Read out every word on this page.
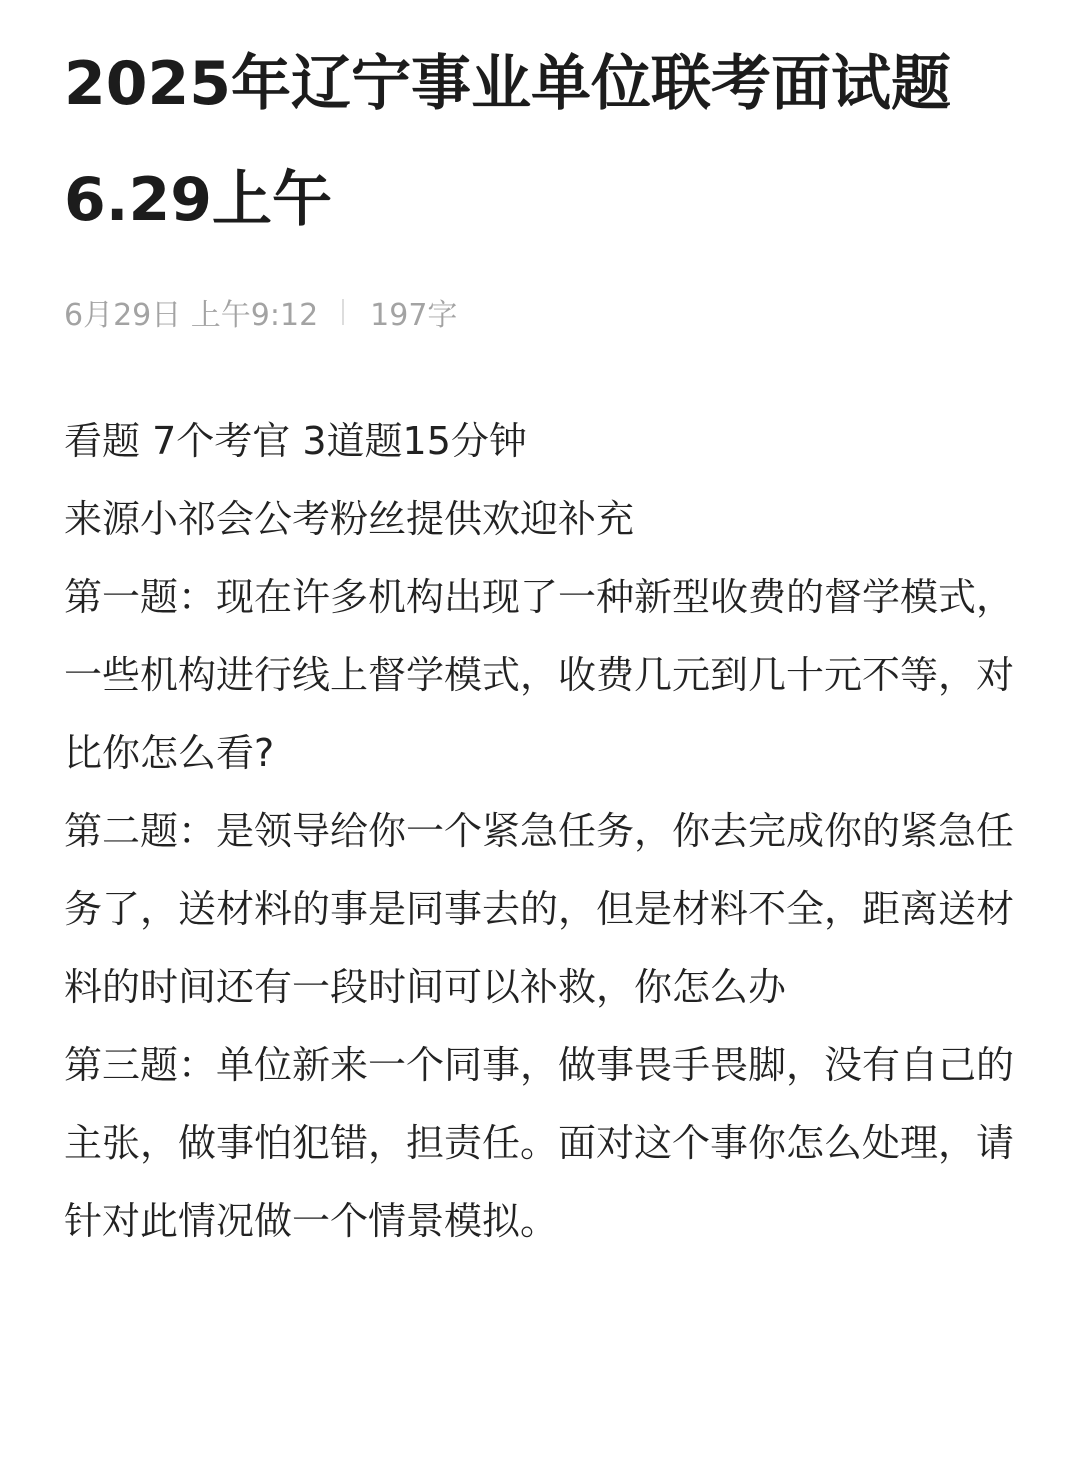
2025年辽宁事业单位联考面试题6.29上午
6月29日 上午9:12 197字

看题 7个考官 3道题15分钟

来源小祁会公考粉丝提供欢迎补充

第一题：现在许多机构出现了一种新型收费的督学模式，一些机构进行线上督学模式，收费几元到几十元不等，对比你怎么看?

第二题：是领导给你一个紧急任务，你去完成你的紧急任务了，送材料的事是同事去的，但是材料不全，距离送材料的时间还有一段时间可以补救，你怎么办

第三题：单位新来一个同事，做事畏手畏脚，没有自己的主张，做事怕犯错，担责任。面对这个事你怎么处理，请针对此情况做一个情景模拟。
